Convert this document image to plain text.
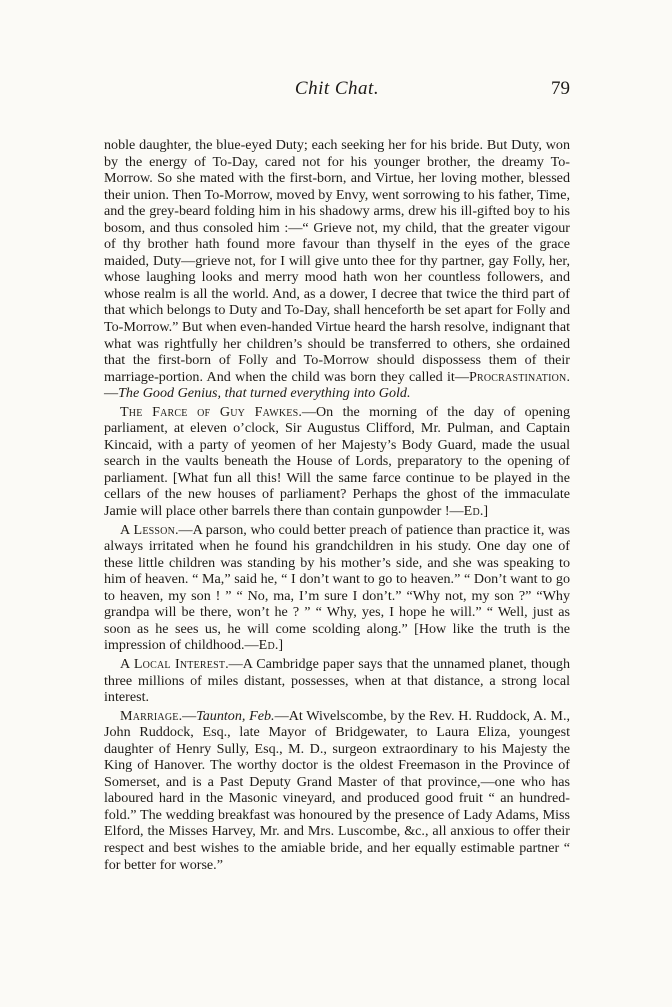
Chit Chat.	79

noble daughter, the blue-eyed Duty; each seeking her for his bride. But Duty, won by the energy of To-Day, cared not for his younger brother, the dreamy To-Morrow. So she mated with the first-born, and Virtue, her loving mother, blessed their union. Then To-Morrow, moved by Envy, went sorrowing to his father, Time, and the grey-beard folding him in his shadowy arms, drew his ill-gifted boy to his bosom, and thus consoled him :—“ Grieve not, my child, that the greater vigour of thy brother hath found more favour than thyself in the eyes of the grace maided, Duty—grieve not, for I will give unto thee for thy partner, gay Folly, her, whose laughing looks and merry mood hath won her countless followers, and whose realm is all the world. And, as a dower, I decree that twice the third part of that which belongs to Duty and To-Day, shall henceforth be set apart for Folly and To-Morrow.” But when even-handed Virtue heard the harsh resolve, indignant that what was rightfully her children’s should be transferred to others, she ordained that the first-born of Folly and To-Morrow should dispossess them of their marriage-portion. And when the child was born they called it—Procrastination.—The Good Genius, that turned everything into Gold.

The Farce of Guy Fawkes.—On the morning of the day of opening parliament, at eleven o’clock, Sir Augustus Clifford, Mr. Pulman, and Captain Kincaid, with a party of yeomen of her Majesty’s Body Guard, made the usual search in the vaults beneath the House of Lords, preparatory to the opening of parliament. [What fun all this! Will the same farce continue to be played in the cellars of the new houses of parliament? Perhaps the ghost of the immaculate Jamie will place other barrels there than contain gunpowder !—Ed.]

A Lesson.—A parson, who could better preach of patience than practice it, was always irritated when he found his grandchildren in his study. One day one of these little children was standing by his mother’s side, and she was speaking to him of heaven. “ Ma,” said he, “ I don’t want to go to heaven.” “ Don’t want to go to heaven, my son ! ” “ No, ma, I’m sure I don’t.” “Why not, my son ?” “Why grandpa will be there, won’t he ? ” “ Why, yes, I hope he will.” “ Well, just as soon as he sees us, he will come scolding along.” [How like the truth is the impression of childhood.—Ed.]

A Local Interest.—A Cambridge paper says that the unnamed planet, though three millions of miles distant, possesses, when at that distance, a strong local interest.

Marriage.—Taunton, Feb.—At Wivelscombe, by the Rev. H. Ruddock, A. M., John Ruddock, Esq., late Mayor of Bridgewater, to Laura Eliza, youngest daughter of Henry Sully, Esq., M. D., surgeon extraordinary to his Majesty the King of Hanover. The worthy doctor is the oldest Freemason in the Province of Somerset, and is a Past Deputy Grand Master of that province,—one who has laboured hard in the Masonic vineyard, and produced good fruit “ an hundred-fold.” The wedding breakfast was honoured by the presence of Lady Adams, Miss Elford, the Misses Harvey, Mr. and Mrs. Luscombe, &c., all anxious to offer their respect and best wishes to the amiable bride, and her equally estimable partner “ for better for worse.”
